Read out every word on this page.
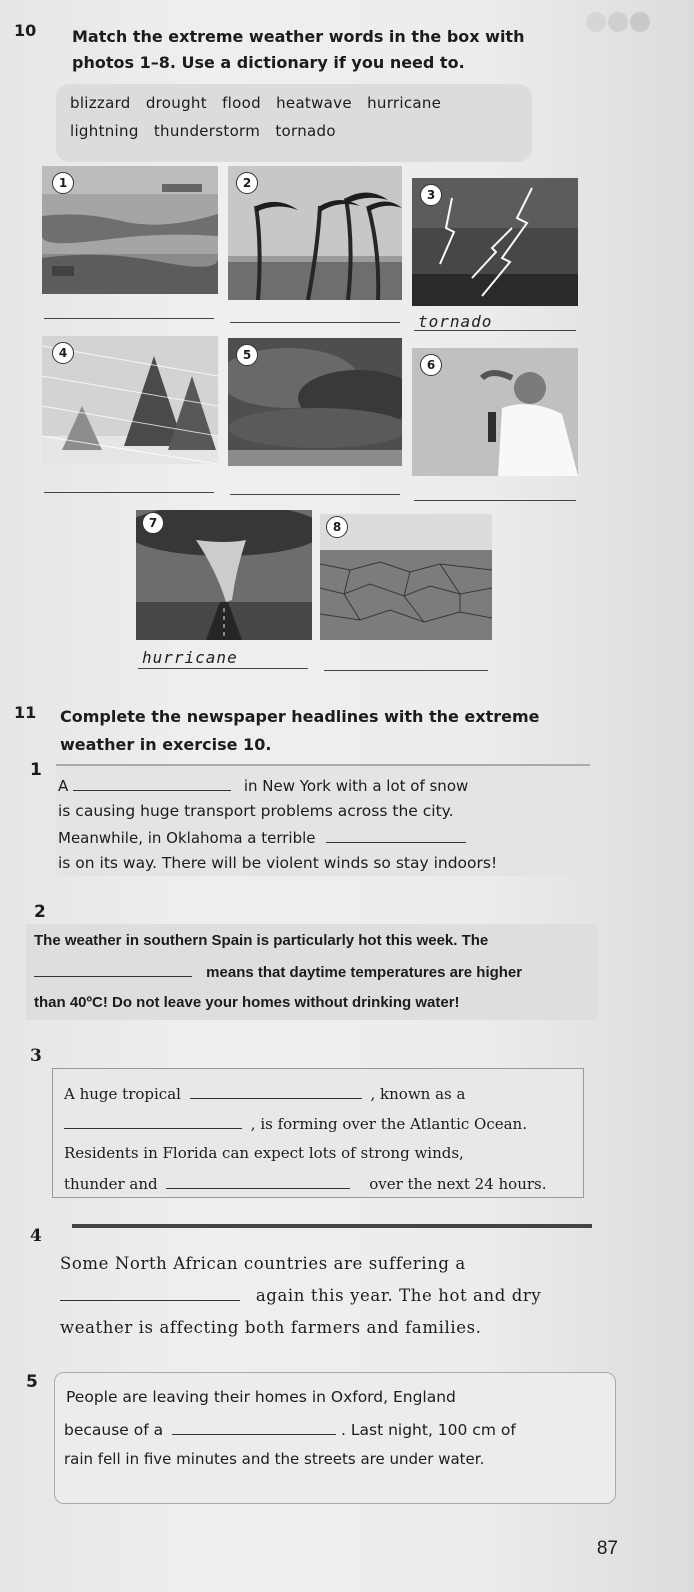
10 Match the extreme weather words in the box with
photos 1–8. Use a dictionary if you need to.
blizzard   drought   flood   heatwave   hurricane
lightning   thunderstorm   tornado
1	2
3
tornado
4	5
6
7	8
hurricane
11 Complete the newspaper headlines with the extreme
weather in exercise 10.
1
A	in New York with a lot of snow
is causing huge transport problems across the city.
Meanwhile, in Oklahoma a terrible
is on its way. There will be violent winds so stay indoors!
2
The weather in southern Spain is particularly hot this week. The
means that daytime temperatures are higher
than 40ºC! Do not leave your homes without drinking water!
3
A huge tropical	, known as a
, is forming over the Atlantic Ocean.
Residents in Florida can expect lots of strong winds,
thunder and	over the next 24 hours.
4
Some North African countries are suffering a
again this year. The hot and dry
weather is affecting both farmers and families.
5
People are leaving their homes in Oxford, England
because of a	. Last night, 100 cm of
rain fell in five minutes and the streets are under water.
87
